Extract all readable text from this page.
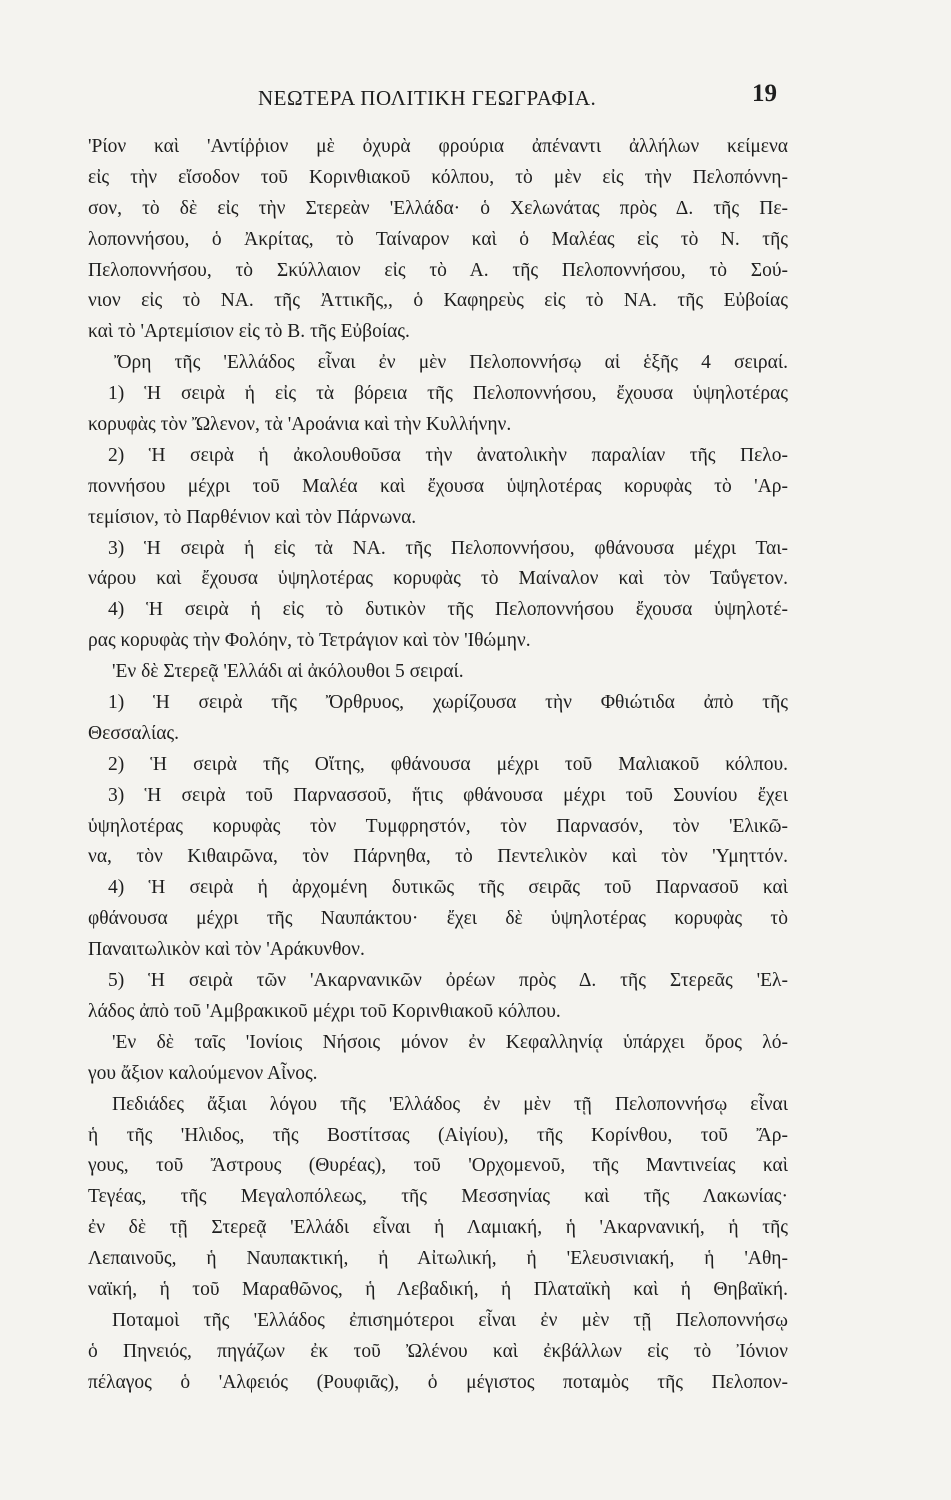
ΝΕΩΤΕΡΑ ΠΟΛΙΤΙΚΗ ΓΕΩΓΡΑΦΙΑ.	19
'Ρίον καὶ 'Αντίῤῥιον μὲ ὀχυρὰ φρούρια ἀπέναντι ἀλλήλων κείμενα
εἰς τὴν εἴσοδον τοῦ Κορινθιακοῦ κόλπου, τὸ μὲν εἰς τὴν Πελοπόννη-
σον, τὸ δὲ εἰς τὴν Στερεὰν 'Ελλάδα· ὁ Χελωνάτας πρὸς Δ. τῆς Πε-
λοποννήσου, ὁ Ἀκρίτας, τὸ Ταίναρον καὶ ὁ Μαλέας εἰς τὸ Ν. τῆς
Πελοποννήσου, τὸ Σκύλλαιον εἰς τὸ Α. τῆς Πελοποννήσου, τὸ Σού-
νιον εἰς τὸ ΝΑ. τῆς Ἀττικῆς,, ὁ Καφηρεὺς εἰς τὸ ΝΑ. τῆς Εὐβοίας
καὶ τὸ 'Αρτεμίσιον εἰς τὸ Β. τῆς Εὐβοίας.
Ὄρη τῆς 'Ελλάδος εἶναι ἐν μὲν Πελοποννήσῳ αἱ ἑξῆς 4 σειραί.
1) Ἡ σειρὰ ἡ εἰς τὰ βόρεια τῆς Πελοποννήσου, ἔχουσα ὑψηλοτέρας
κορυφὰς τὸν Ὤλενον, τὰ 'Αροάνια καὶ τὴν Κυλλήνην.
2) Ἡ σειρὰ ἡ ἀκολουθοῦσα τὴν ἀνατολικὴν παραλίαν τῆς Πελο-
ποννήσου μέχρι τοῦ Μαλέα καὶ ἔχουσα ὑψηλοτέρας κορυφὰς τὸ 'Αρ-
τεμίσιον, τὸ Παρθένιον καὶ τὸν Πάρνωνα.
3) Ἡ σειρὰ ἡ εἰς τὰ ΝΑ. τῆς Πελοποννήσου, φθάνουσα μέχρι Ται-
νάρου καὶ ἔχουσα ὑψηλοτέρας κορυφὰς τὸ Μαίναλον καὶ τὸν Ταΰγετον.
4) Ἡ σειρὰ ἡ εἰς τὸ δυτικὸν τῆς Πελοποννήσου ἔχουσα ὑψηλοτέ-
ρας κορυφὰς τὴν Φολόην, τὸ Τετράγιον καὶ τὸν 'Ιθώμην.
'Εν δὲ Στερεᾷ 'Ελλάδι αἱ ἀκόλουθοι 5 σειραί.
1) Ἡ σειρὰ τῆς Ὄρθρυος, χωρίζουσα τὴν Φθιώτιδα ἀπὸ τῆς
Θεσσαλίας.
2) Ἡ σειρὰ τῆς Οἴτης, φθάνουσα μέχρι τοῦ Μαλιακοῦ κόλπου.
3) Ἡ σειρὰ τοῦ Παρνασσοῦ, ἥτις φθάνουσα μέχρι τοῦ Σουνίου ἔχει
ὑψηλοτέρας κορυφὰς τὸν Τυμφρηστόν, τὸν Παρνασόν, τὸν 'Ελικῶ-
να, τὸν Κιθαιρῶνα, τὸν Πάρνηθα, τὸ Πεντελικὸν καὶ τὸν 'Υμηττόν.
4) Ἡ σειρὰ ἡ ἀρχομένη δυτικῶς τῆς σειρᾶς τοῦ Παρνασοῦ καὶ
φθάνουσα μέχρι τῆς Ναυπάκτου· ἔχει δὲ ὑψηλοτέρας κορυφὰς τὸ
Παναιτωλικὸν καὶ τὸν 'Αράκυνθον.
5) Ἡ σειρὰ τῶν 'Ακαρνανικῶν ὀρέων πρὸς Δ. τῆς Στερεᾶς 'Ελ-
λάδος ἀπὸ τοῦ 'Αμβρακικοῦ μέχρι τοῦ Κορινθιακοῦ κόλπου.
'Εν δὲ ταῖς 'Ιονίοις Νήσοις μόνον ἐν Κεφαλληνίᾳ ὑπάρχει ὄρος λό-
γου ἄξιον καλούμενον Αἶνος.
Πεδιάδες ἄξιαι λόγου τῆς 'Ελλάδος ἐν μὲν τῇ Πελοποννήσῳ εἶναι
ἡ τῆς 'Ηλιδος, τῆς Βοστίτσας (Αἰγίου), τῆς Κορίνθου, τοῦ Ἄρ-
γους, τοῦ Ἄστρους (Θυρέας), τοῦ 'Ορχομενοῦ, τῆς Μαντινείας καὶ
Τεγέας, τῆς Μεγαλοπόλεως, τῆς Μεσσηνίας καὶ τῆς Λακωνίας·
ἐν δὲ τῇ Στερεᾷ 'Ελλάδι εἶναι ἡ Λαμιακή, ἡ 'Ακαρνανική, ἡ τῆς
Λεπαινοῦς, ἡ Ναυπακτική, ἡ Αἰτωλική, ἡ 'Ελευσινιακή, ἡ 'Αθη-
ναϊκή, ἡ τοῦ Μαραθῶνος, ἡ Λεβαδική, ἡ Πλαταϊκὴ καὶ ἡ Θηβαϊκή.
Ποταμοὶ τῆς 'Ελλάδος ἐπισημότεροι εἶναι ἐν μὲν τῇ Πελοποννήσῳ
ὁ Πηνειός, πηγάζων ἐκ τοῦ Ὠλένου καὶ ἐκβάλλων εἰς τὸ Ἰόνιον
πέλαγος ὁ 'Αλφειός (Ρουφιᾶς), ὁ μέγιστος ποταμὸς τῆς Πελοπον-
